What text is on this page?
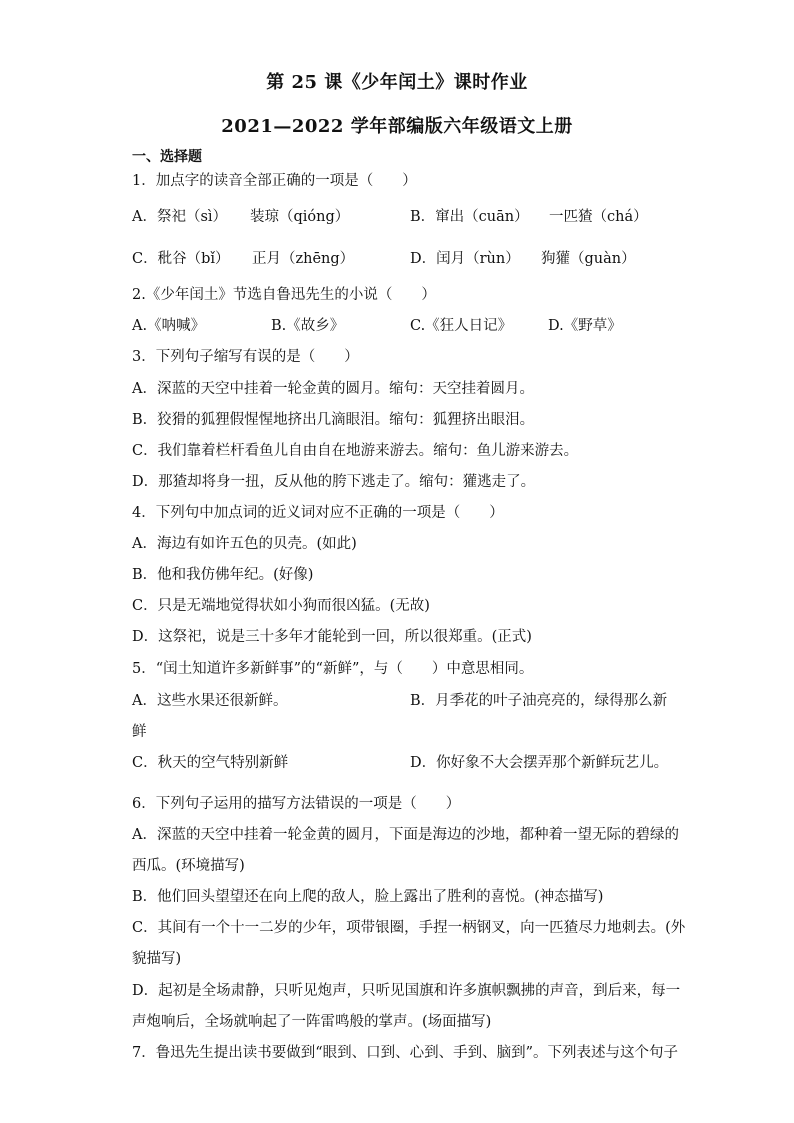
第 25 课《少年闰土》课时作业
2021—2022 学年部编版六年级语文上册
一、选择题
1．加点字的读音全部正确的一项是（　　）
A．祭祀（sì） 装琼（qióng）	B．窜出（cuān） 一匹猹（chá）
C．秕谷（bǐ） 正月（zhēng）	D．闰月（rùn） 狗獾（guàn）
2.《少年闰土》节选自鲁迅先生的小说（　　）
A.《呐喊》	B.《故乡》	C.《狂人日记》 D.《野草》
3．下列句子缩写有误的是（　　）
A．深蓝的天空中挂着一轮金黄的圆月。缩句：天空挂着圆月。
B．狡猾的狐狸假惺惺地挤出几滴眼泪。缩句：狐狸挤出眼泪。
C．我们靠着栏杆看鱼儿自由自在地游来游去。缩句：鱼儿游来游去。
D．那猹却将身一扭，反从他的胯下逃走了。缩句：獾逃走了。
4．下列句中加点词的近义词对应不正确的一项是（　　）
A．海边有如许五色的贝壳。(如此)
B．他和我仿佛年纪。(好像)
C．只是无端地觉得状如小狗而很凶猛。(无故)
D．这祭祀，说是三十多年才能轮到一回，所以很郑重。(正式)
5．“闰土知道许多新鲜事”的“新鲜”，与（　　）中意思相同。
A．这些水果还很新鲜。	B．月季花的叶子油亮亮的，绿得那么新
鲜
C．秋天的空气特别新鲜	D．你好象不大会摆弄那个新鲜玩艺儿。
6．下列句子运用的描写方法错误的一项是（　　）
A．深蓝的天空中挂着一轮金黄的圆月，下面是海边的沙地，都种着一望无际的碧绿的
西瓜。(环境描写)
B．他们回头望望还在向上爬的敌人，脸上露出了胜利的喜悦。(神态描写)
C．其间有一个十一二岁的少年，项带银圈，手捏一柄钢叉，向一匹猹尽力地刺去。(外
貌描写)
D．起初是全场肃静，只听见炮声，只听见国旗和许多旗帜飘拂的声音，到后来，每一
声炮响后，全场就响起了一阵雷鸣般的掌声。(场面描写)
7．鲁迅先生提出读书要做到“眼到、口到、心到、手到、脑到”。下列表述与这个句子
